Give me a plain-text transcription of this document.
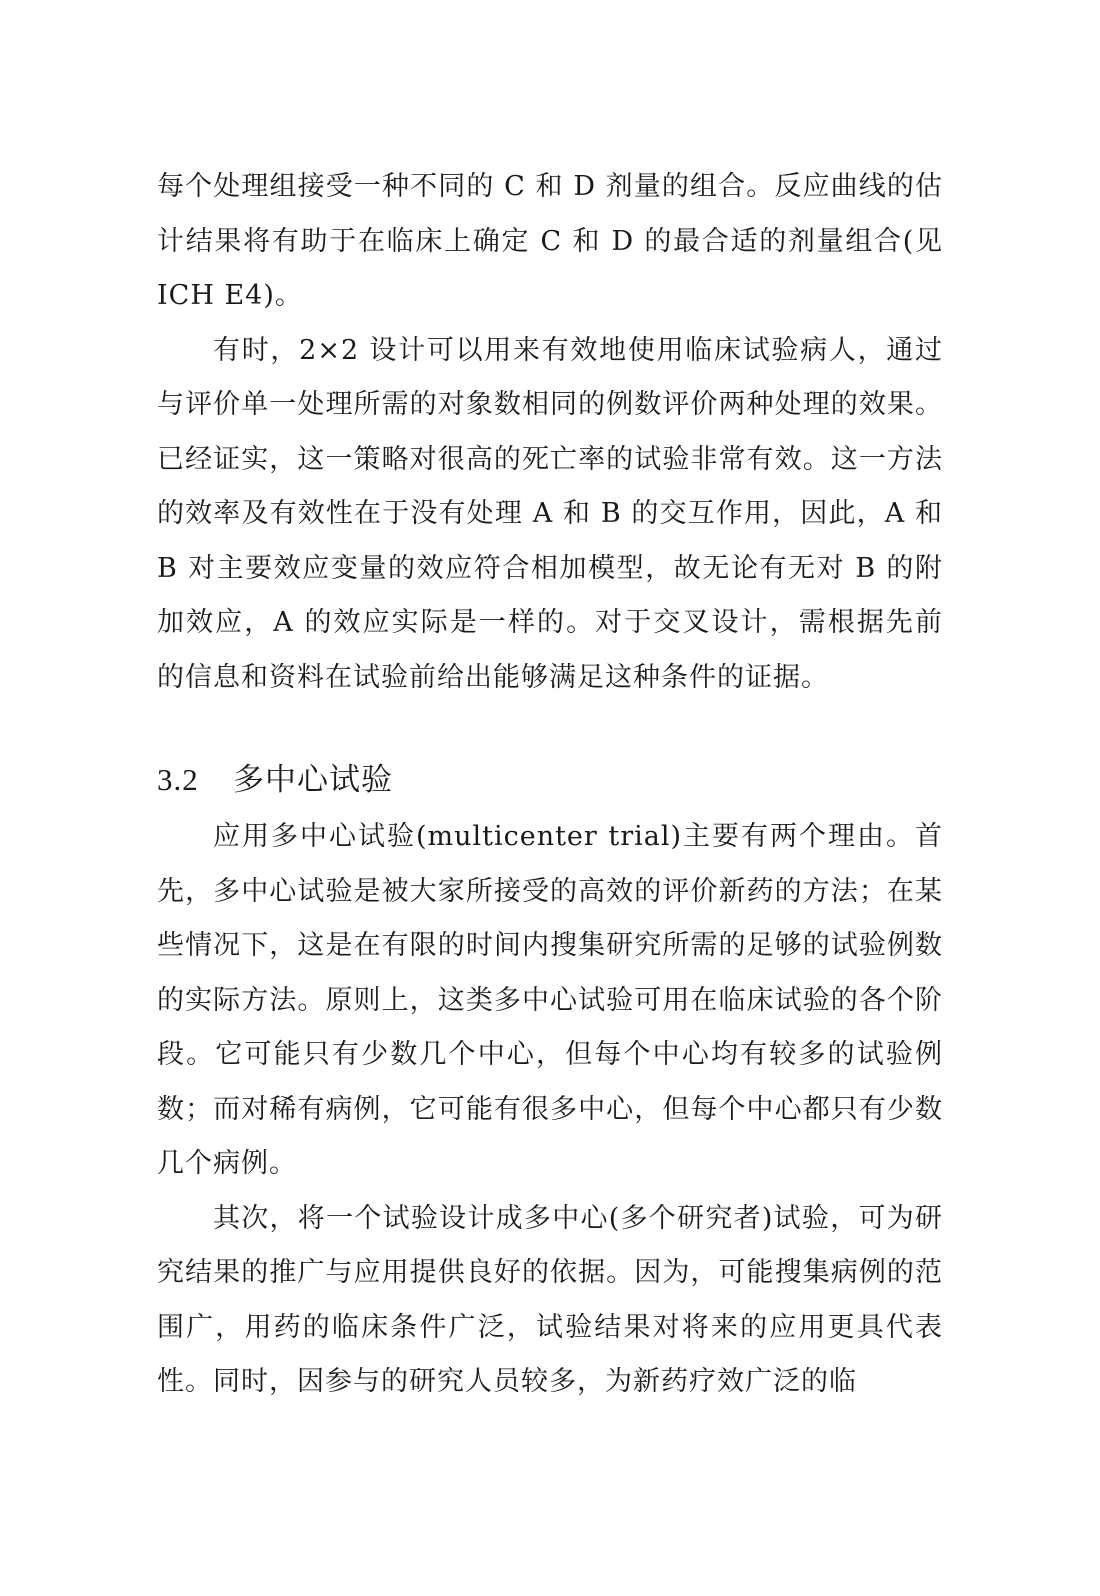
每个处理组接受一种不同的 C 和 D 剂量的组合。反应曲线的估计结果将有助于在临床上确定 C 和 D 的最合适的剂量组合(见 ICH E4)。

有时，2×2 设计可以用来有效地使用临床试验病人，通过与评价单一处理所需的对象数相同的例数评价两种处理的效果。已经证实，这一策略对很高的死亡率的试验非常有效。这一方法的效率及有效性在于没有处理 A 和 B 的交互作用，因此，A 和 B 对主要效应变量的效应符合相加模型，故无论有无对 B 的附加效应，A 的效应实际是一样的。对于交叉设计，需根据先前的信息和资料在试验前给出能够满足这种条件的证据。

3.2 多中心试验

应用多中心试验(multicenter trial)主要有两个理由。首先，多中心试验是被大家所接受的高效的评价新药的方法；在某些情况下，这是在有限的时间内搜集研究所需的足够的试验例数的实际方法。原则上，这类多中心试验可用在临床试验的各个阶段。它可能只有少数几个中心，但每个中心均有较多的试验例数；而对稀有病例，它可能有很多中心，但每个中心都只有少数几个病例。

其次，将一个试验设计成多中心(多个研究者)试验，可为研究结果的推广与应用提供良好的依据。因为，可能搜集病例的范围广，用药的临床条件广泛，试验结果对将来的应用更具代表性。同时，因参与的研究人员较多，为新药疗效广泛的临
